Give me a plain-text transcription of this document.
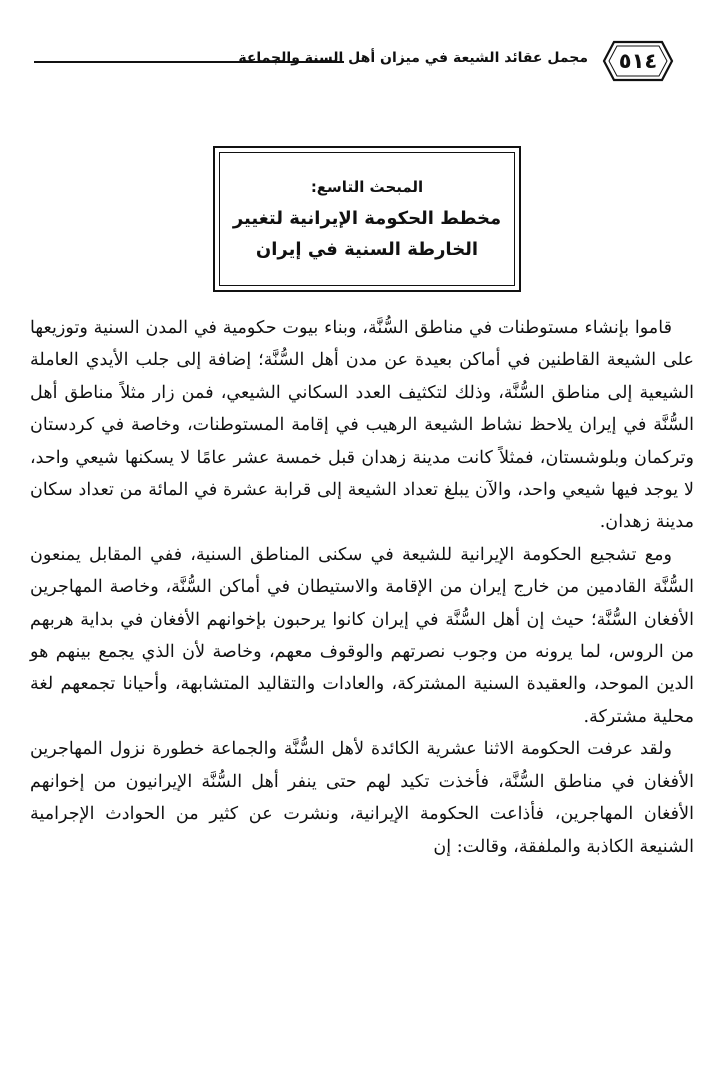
٥١٤
مجمل عقائد الشيعة في ميزان أهل السنة والجماعة
المبحث التاسع:
مخطط الحكومة الإيرانية لتغيير
الخارطة السنية في إيران

قاموا بإنشاء مستوطنات في مناطق السُّنَّة، وبناء بيوت حكومية في المدن السنية وتوزيعها على الشيعة القاطنين في أماكن بعيدة عن مدن أهل السُّنَّة؛ إضافة إلى جلب الأيدي العاملة الشيعية إلى مناطق السُّنَّة، وذلك لتكثيف العدد السكاني الشيعي، فمن زار مثلاً مناطق أهل السُّنَّة في إيران يلاحظ نشاط الشيعة الرهيب في إقامة المستوطنات، وخاصة في كردستان وتركمان وبلوشستان، فمثلاً كانت مدينة زهدان قبل خمسة عشر عامًا لا يسكنها شيعي واحد، لا يوجد فيها شيعي واحد، والآن يبلغ تعداد الشيعة إلى قرابة عشرة في المائة من تعداد سكان مدينة زهدان.

ومع تشجيع الحكومة الإيرانية للشيعة في سكنى المناطق السنية، ففي المقابل يمنعون السُّنَّة القادمين من خارج إيران من الإقامة والاستيطان في أماكن السُّنَّة، وخاصة المهاجرين الأفغان السُّنَّة؛ حيث إن أهل السُّنَّة في إيران كانوا يرحبون بإخوانهم الأفغان في بداية هربهم من الروس، لما يرونه من وجوب نصرتهم والوقوف معهم، وخاصة لأن الذي يجمع بينهم هو الدين الموحد، والعقيدة السنية المشتركة، والعادات والتقاليد المتشابهة، وأحيانا تجمعهم لغة محلية مشتركة.

ولقد عرفت الحكومة الاثنا عشرية الكائدة لأهل السُّنَّة والجماعة خطورة نزول المهاجرين الأفغان في مناطق السُّنَّة، فأخذت تكيد لهم حتى ينفر أهل السُّنَّة الإيرانيون من إخوانهم الأفغان المهاجرين، فأذاعت الحكومة الإيرانية، ونشرت عن كثير من الحوادث الإجرامية الشنيعة الكاذبة والملفقة، وقالت: إن
